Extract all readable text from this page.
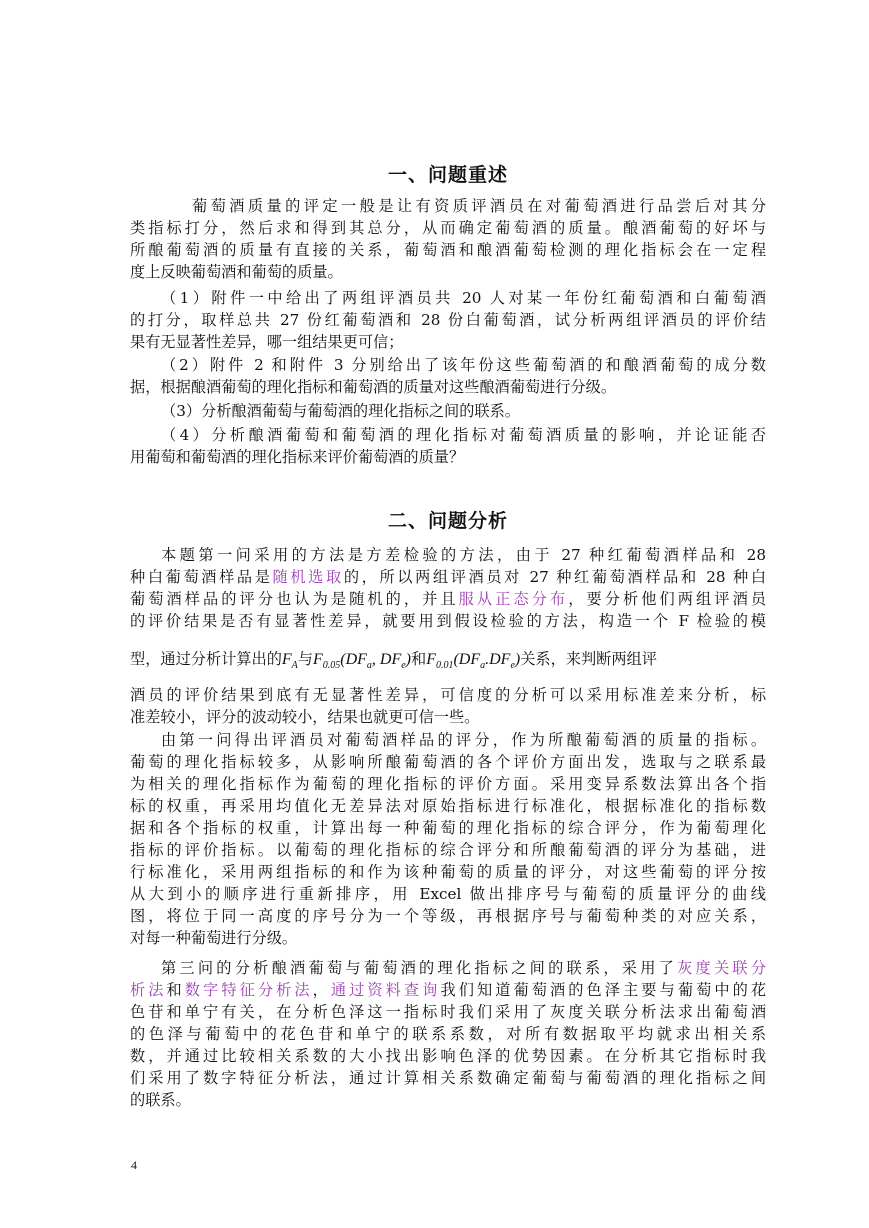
一、问题重述
葡萄酒质量的评定一般是让有资质评酒员在对葡萄酒进行品尝后对其分
类指标打分，然后求和得到其总分，从而确定葡萄酒的质量。酿酒葡萄的好坏与
所酿葡萄酒的质量有直接的关系，葡萄酒和酿酒葡萄检测的理化指标会在一定程
度上反映葡萄酒和葡萄的质量。
（1）附件一中给出了两组评酒员共 20 人对某一年份红葡萄酒和白葡萄酒
的打分，取样总共 27 份红葡萄酒和 28 份白葡萄酒，试分析两组评酒员的评价结
果有无显著性差异，哪一组结果更可信；
（2）附件 2 和附件 3 分别给出了该年份这些葡萄酒的和酿酒葡萄的成分数
据，根据酿酒葡萄的理化指标和葡萄酒的质量对这些酿酒葡萄进行分级。
（3）分析酿酒葡萄与葡萄酒的理化指标之间的联系。
（4）分析酿酒葡萄和葡萄酒的理化指标对葡萄酒质量的影响，并论证能否
用葡萄和葡萄酒的理化指标来评价葡萄酒的质量？
二、问题分析
本题第一问采用的方法是方差检验的方法，由于 27 种红葡萄酒样品和 28
种白葡萄酒样品是随机选取的，所以两组评酒员对 27 种红葡萄酒样品和 28 种白
葡萄酒样品的评分也认为是随机的，并且服从正态分布，要分析他们两组评酒员
的评价结果是否有显著性差异，就要用到假设检验的方法，构造一个 F 检验的模
型，通过分析计算出的$F_A$与$F_{0.05}(DF_a$, $DF_e$)和$F_{0.01}(DF_a.DF_e)$关系，来判断两组评
酒员的评价结果到底有无显著性差异，可信度的分析可以采用标准差来分析，标
准差较小，评分的波动较小，结果也就更可信一些。
由第一问得出评酒员对葡萄酒样品的评分，作为所酿葡萄酒的质量的指标。
葡萄的理化指标较多，从影响所酿葡萄酒的各个评价方面出发，选取与之联系最
为相关的理化指标作为葡萄的理化指标的评价方面。采用变异系数法算出各个指
标的权重，再采用均值化无差异法对原始指标进行标准化，根据标准化的指标数
据和各个指标的权重，计算出每一种葡萄的理化指标的综合评分，作为葡萄理化
指标的评价指标。以葡萄的理化指标的综合评分和所酿葡萄酒的评分为基础，进
行标准化，采用两组指标的和作为该种葡萄的质量的评分，对这些葡萄的评分按
从大到小的顺序进行重新排序，用 Excel 做出排序号与葡萄的质量评分的曲线
图，将位于同一高度的序号分为一个等级，再根据序号与葡萄种类的对应关系，
对每一种葡萄进行分级。
第三问的分析酿酒葡萄与葡萄酒的理化指标之间的联系，采用了灰度关联分
析法和数字特征分析法，通过资料查询我们知道葡萄酒的色泽主要与葡萄中的花
色苷和单宁有关，在分析色泽这一指标时我们采用了灰度关联分析法求出葡萄酒
的色泽与葡萄中的花色苷和单宁的联系系数，对所有数据取平均就求出相关系
数，并通过比较相关系数的大小找出影响色泽的优势因素。在分析其它指标时我
们采用了数字特征分析法，通过计算相关系数确定葡萄与葡萄酒的理化指标之间
的联系。
4
